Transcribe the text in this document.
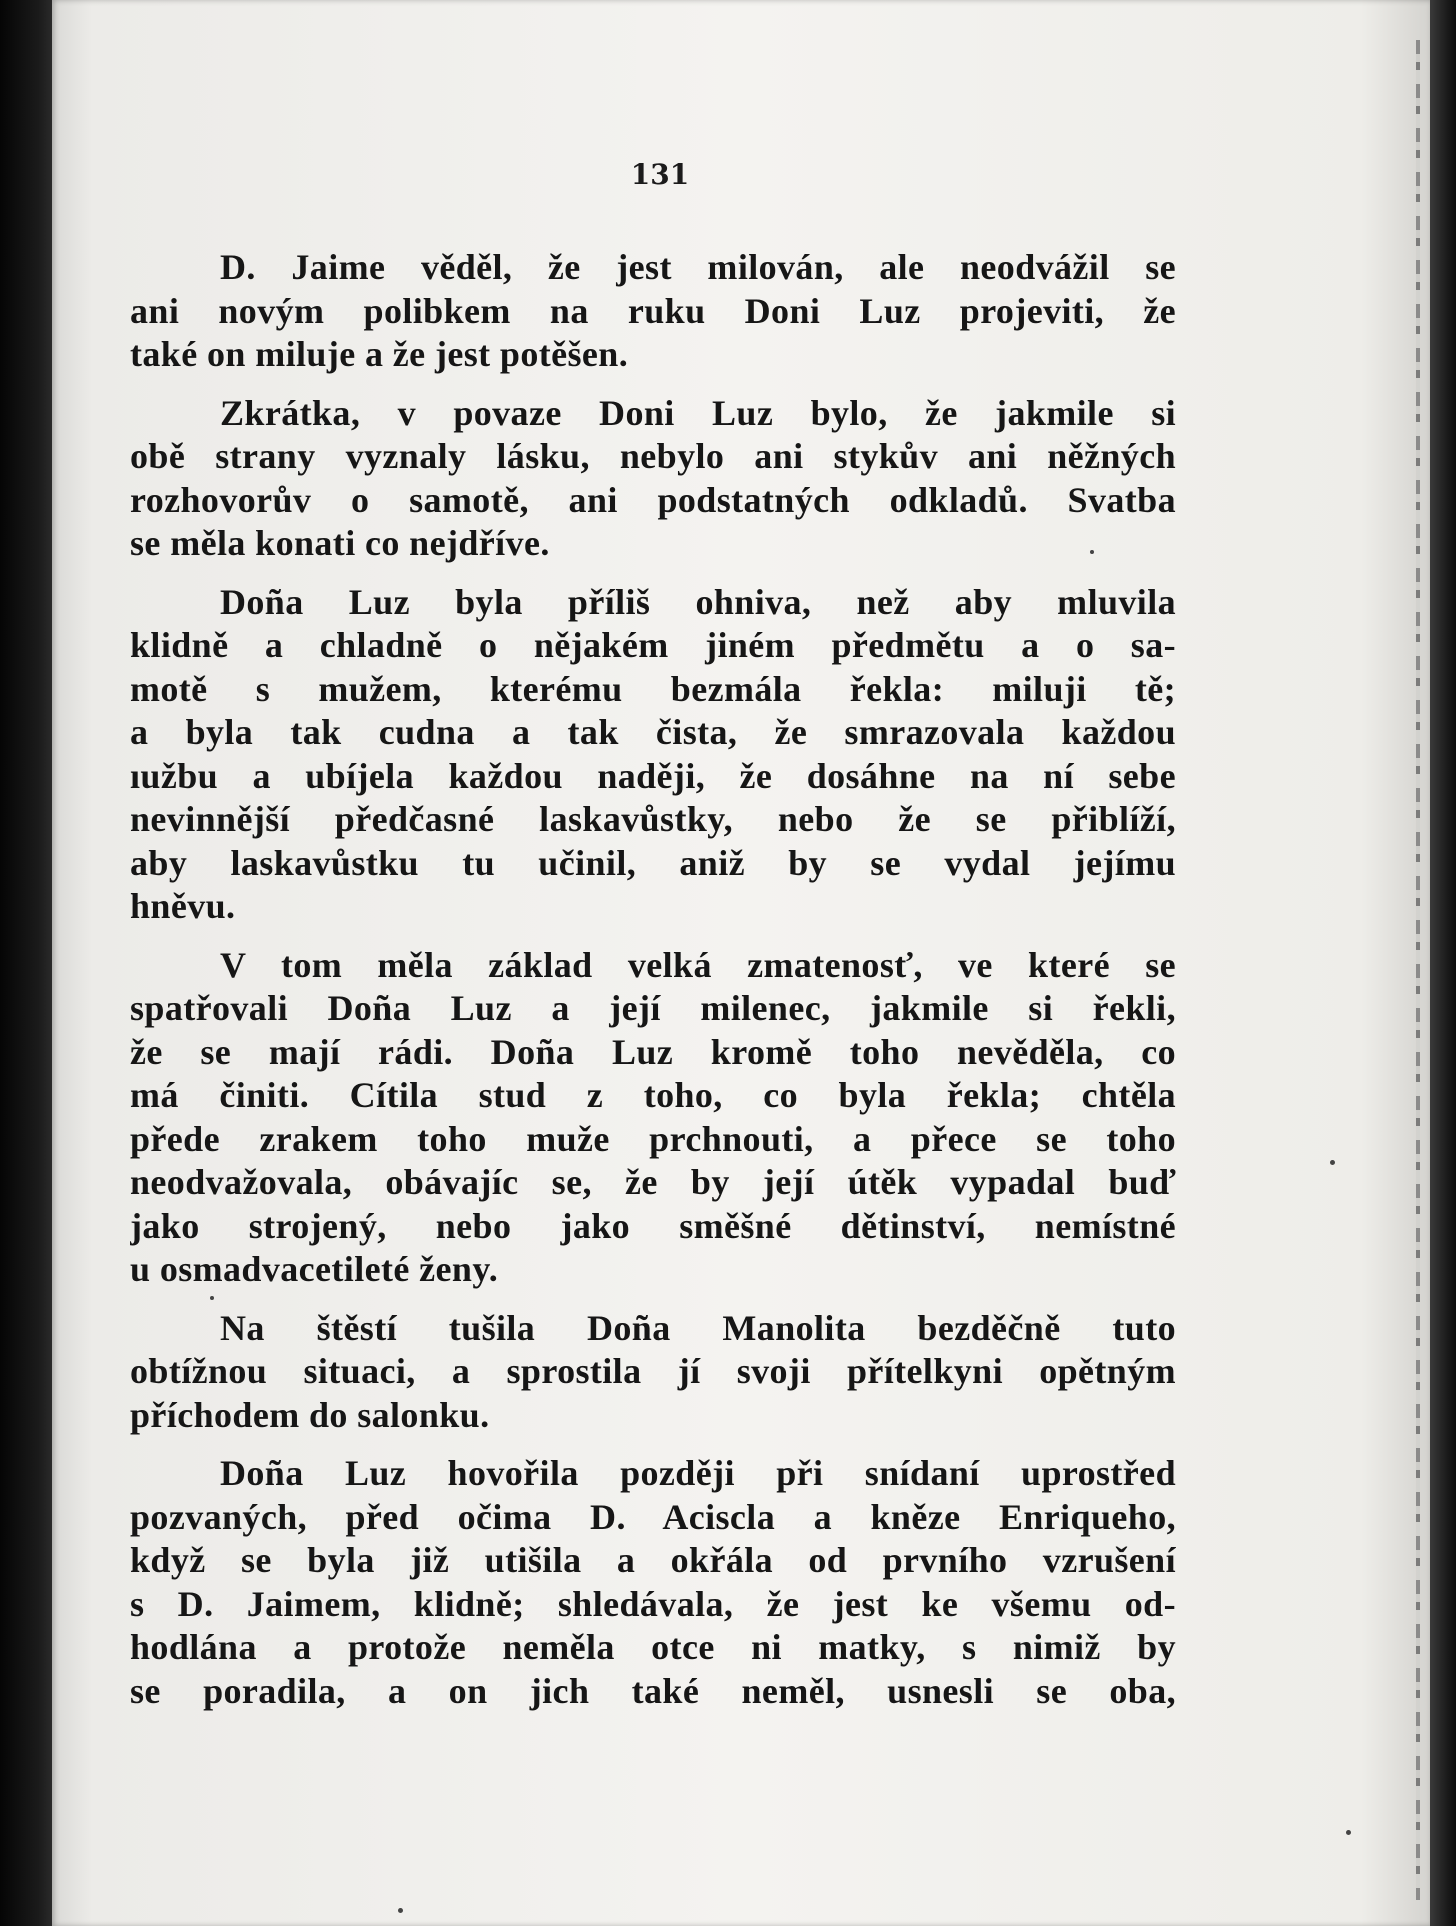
131
D. Jaime věděl, že jest milován, ale neodvážil se
ani novým polibkem na ruku Doni Luz projeviti, že
také on miluje a že jest potěšen.
Zkrátka, v povaze Doni Luz bylo, že jakmile si
obě strany vyznaly lásku, nebylo ani stykův ani něžných
rozhovorův o samotě, ani podstatných odkladů. Svatba
se měla konati co nejdříve.
Doña Luz byla příliš ohniva, než aby mluvila
klidně a chladně o nějakém jiném předmětu a o sa-
motě s mužem, kterému bezmála řekla: miluji tě;
a byla tak cudna a tak čista, že smrazovala každou
ıužbu a ubíjela každou naději, že dosáhne na ní sebe
nevinnější předčasné laskavůstky, nebo že se přiblíží,
aby laskavůstku tu učinil, aniž by se vydal jejímu
hněvu.
V tom měla základ velká zmatenosť, ve které se
spatřovali Doña Luz a její milenec, jakmile si řekli,
že se mají rádi. Doña Luz kromě toho nevěděla, co
má činiti. Cítila stud z toho, co byla řekla; chtěla
přede zrakem toho muže prchnouti, a přece se toho
neodvažovala, obávajíc se, že by její útěk vypadal buď
jako strojený, nebo jako směšné dětinství, nemístné
u osmadvacetileté ženy.
Na štěstí tušila Doña Manolita bezděčně tuto
obtížnou situaci, a sprostila jí svoji přítelkyni opětným
příchodem do salonku.
Doña Luz hovořila později při snídaní uprostřed
pozvaných, před očima D. Aciscla a kněze Enriqueho,
když se byla již utišila a okřála od prvního vzrušení
s D. Jaimem, klidně; shledávala, že jest ke všemu od-
hodlána a protože neměla otce ni matky, s nimiž by
se poradila, a on jich také neměl, usnesli se oba,
